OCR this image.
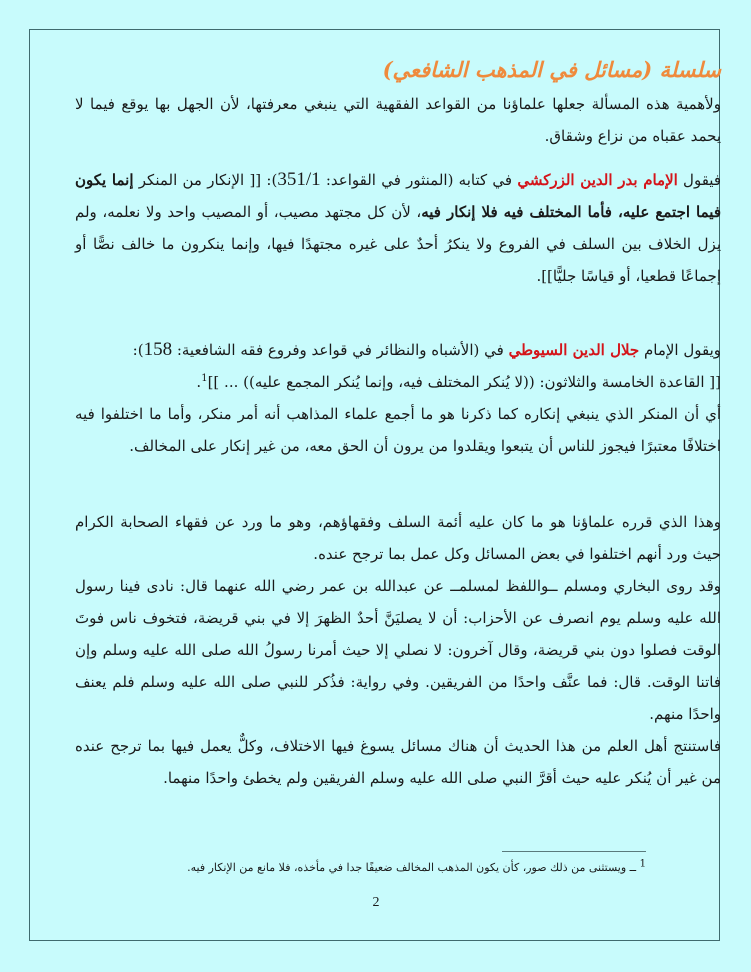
سلسلة (مسائل في المذهب الشافعي)

ولأهمية هذه المسألة جعلها علماؤنا من القواعد الفقهية التي ينبغي معرفتها، لأن الجهل بها يوقع فيما لا يحمد عقباه من نزاع وشقاق.

فيقول الإمام بدر الدين الزركشي في كتابه (المنثور في القواعد: 351/1): [[ الإنكار من المنكر إنما يكون فيما اجتمع عليه، فأما المختلف فيه فلا إنكار فيه، لأن كل مجتهد مصيب، أو المصيب واحد ولا نعلمه، ولم يزل الخلاف بين السلف في الفروع ولا ينكرُ أحدٌ على غيره مجتهدًا فيها، وإنما ينكرون ما خالف نصًّا أو إجماعًا قطعيا، أو قياسًا جليًّا]].

ويقول الإمام جلال الدين السيوطي في (الأشباه والنظائر في قواعد وفروع فقه الشافعية: 158):
[[ القاعدة الخامسة والثلاثون: ((لا يُنكر المختلف فيه، وإنما يُنكر المجمع عليه)) ... ]]$^1$.

أي أن المنكر الذي ينبغي إنكاره كما ذكرنا هو ما أجمع علماء المذاهب أنه أمر منكر، وأما ما اختلفوا فيه اختلافًا معتبرًا فيجوز للناس أن يتبعوا ويقلدوا من يرون أن الحق معه، من غير إنكار على المخالف.

وهذا الذي قرره علماؤنا هو ما كان عليه أئمة السلف وفقهاؤهم، وهو ما ورد عن فقهاء الصحابة الكرام حيث ورد أنهم اختلفوا في بعض المسائل وكل عمل بما ترجح عنده.

وقد روى البخاري ومسلم ــواللفظ لمسلمــ عن عبدالله بن عمر رضي الله عنهما قال: نادى فينا رسول الله عليه وسلم يوم انصرف عن الأحزاب: أن لا يصليَنَّ أحدٌ الظهرَ إلا في بني قريضة، فتخوف ناس فوتَ الوقت فصلوا دون بني قريضة، وقال آخرون: لا نصلي إلا حيث أمرنا رسولُ الله صلى الله عليه وسلم وإن فاتنا الوقت. قال: فما عنَّف واحدًا من الفريقين. وفي رواية: فذُكر للنبي صلى الله عليه وسلم فلم يعنف واحدًا منهم.

فاستنتج أهل العلم من هذا الحديث أن هناك مسائل يسوغ فيها الاختلاف، وكلٌّ يعمل فيها بما ترجح عنده من غير أن يُنكر عليه حيث أقرَّ النبي صلى الله عليه وسلم الفريقين ولم يخطئ واحدًا منهما.

$^1$ ــ ويستثنى من ذلك صور، كأن يكون المذهب المخالف ضعيفًا جدا في مأخذه، فلا مانع من الإنكار فيه.
2
